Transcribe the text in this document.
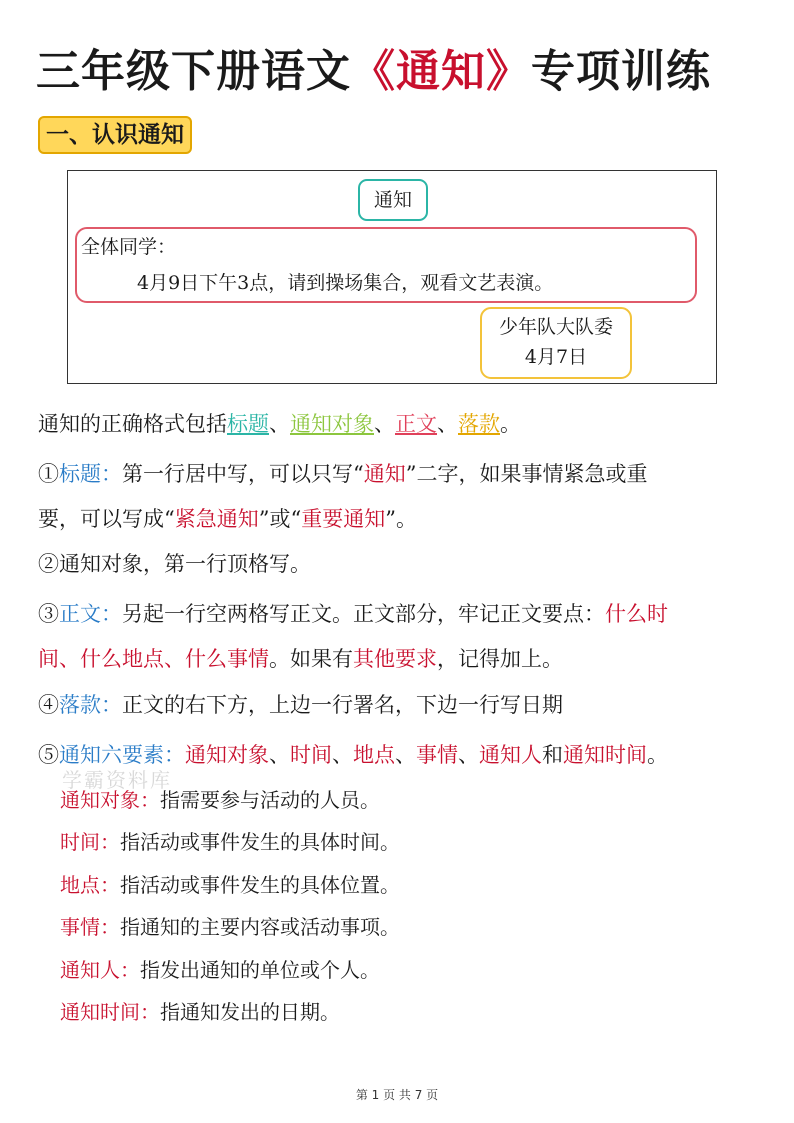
三年级下册语文《通知》专项训练
一、认识通知
通知
全体同学：
4月9日下午3点，请到操场集合，观看文艺表演。
少年队大队委
4月7日
通知的正确格式包括标题、通知对象、正文、落款。
①标题：第一行居中写，可以只写“通知”二字，如果事情紧急或重
要，可以写成“紧急通知”或“重要通知”。
②通知对象，第一行顶格写。
③正文：另起一行空两格写正文。正文部分，牢记正文要点：什么时
间、什么地点、什么事情。如果有其他要求，记得加上。
④落款：正文的右下方，上边一行署名，下边一行写日期
⑤通知六要素：通知对象、时间、地点、事情、通知人和通知时间。
学霸资料库
通知对象：指需要参与活动的人员。
时间：指活动或事件发生的具体时间。
地点：指活动或事件发生的具体位置。
事情：指通知的主要内容或活动事项。
通知人：指发出通知的单位或个人。
通知时间：指通知发出的日期。
第 1 页 共 7 页
